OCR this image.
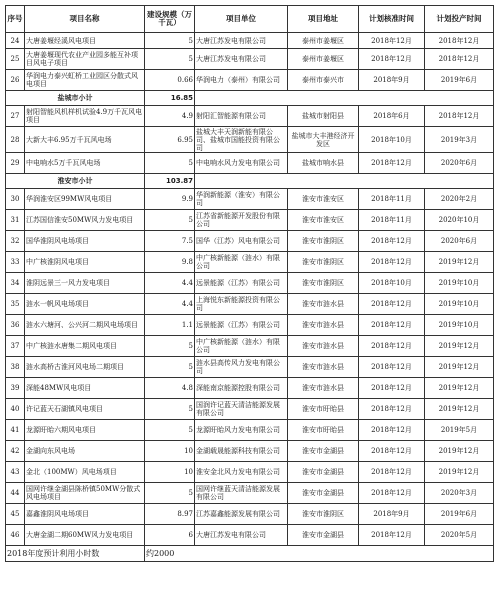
序号	项目名称	建设规模（万千瓦）	项目单位	项目地址	计划核准时间	计划投产时间
24	大唐姜堰经溪风电项目	5	大唐江苏发电有限公司	泰州市姜堰区	2018年12月	2018年12月
25	大唐姜堰现代农业产业园多能互补项目风电子项目	5	大唐江苏发电有限公司	泰州市姜堰区	2018年12月	2018年12月
26	华润电力泰兴虹桥工业园区分散式风电项目	0.66	华润电力（泰州）有限公司	泰州市泰兴市	2018年9月	2019年6月
盐城市小计		16.85				
27	射阳智能风机样机试验4.9万千瓦风电项目	4.9	射阳汇智能源有限公司	盐城市射阳县	2018年6月	2018年12月
28	大新大丰6.95万千瓦风电场	6.95	盐城大丰天润新能有限公司、盐城市国能投资有限公司	盐城市大丰港经济开发区	2018年10月	2019年3月
29	中电响水5万千瓦风电场	5	中电响水风力发电有限公司	盐城市响水县	2018年12月	2020年6月
淮安市小计		103.87				
30	华润淮安区99MW风电项目	9.9	华润新能源（淮安）有限公司	淮安市淮安区	2018年11月	2020年2月
31	江苏国信淮安50MW风力发电项目	5	江苏省新能源开发股份有限公司	淮安市淮安区	2018年11月	2020年10月
32	国华淮阴风电场项目	7.5	国华（江苏）风电有限公司	淮安市淮阴区	2018年12月	2020年6月
33	中广核淮阴风电项目	9.8	中广核新能源（涟水）有限公司	淮安市淮阴区	2018年12月	2019年12月
34	淮阴远景三一风力发电项目	4.4	远景能源（江苏）有限公司	淮安市淮阴区	2018年10月	2019年10月
35	涟水一帆风电场项目	4.4	上海悦东新能源投资有限公司	淮安市涟水县	2018年12月	2019年10月
36	涟水六塘河、公兴河二期风电场项目	1.1	远景能源（江苏）有限公司	淮安市涟水县	2018年12月	2019年10月
37	中广核涟水唐集二期风电项目	5	中广核新能源（涟水）有限公司	淮安市涟水县	2018年12月	2019年12月
38	涟水高桥古淮河风电场二期项目	5	涟水县高传风力发电有限公司	淮安市涟水县	2018年12月	2019年12月
39	深能48MW风电项目	4.8	深能南京能源控股有限公司	淮安市涟水县	2018年12月	2019年12月
40	许记蓝天石湖镇风电项目	5	国润许记蓝天清洁能源发展有限公司	淮安市盱眙县	2018年12月	2019年12月
41	龙源盱眙六期风电项目	5	龙源盱眙风力发电有限公司	淮安市盱眙县	2018年12月	2019年5月
42	金湖向东风电场	10	金湖载晟能源科技有限公司	淮安市金湖县	2018年12月	2019年12月
43	金北（100MW）风电场项目	10	淮安金北风力发电有限公司	淮安市金湖县	2018年12月	2019年12月
44	国网许继金湖县陈桥镇50MW分散式风电场项目	5	国网许继蓝天清洁能源发展有限公司	淮安市金湖县	2018年12月	2020年3月
45	嘉鑫淮阴风电场项目	8.97	江苏嘉鑫能源发展有限公司	淮安市淮阴区	2018年9月	2019年6月
46	大唐金湖二期60MW风力发电项目	6	大唐江苏发电有限公司	淮安市金湖县	2018年12月	2020年5月
2018年度预计利用小时数		约2000				
